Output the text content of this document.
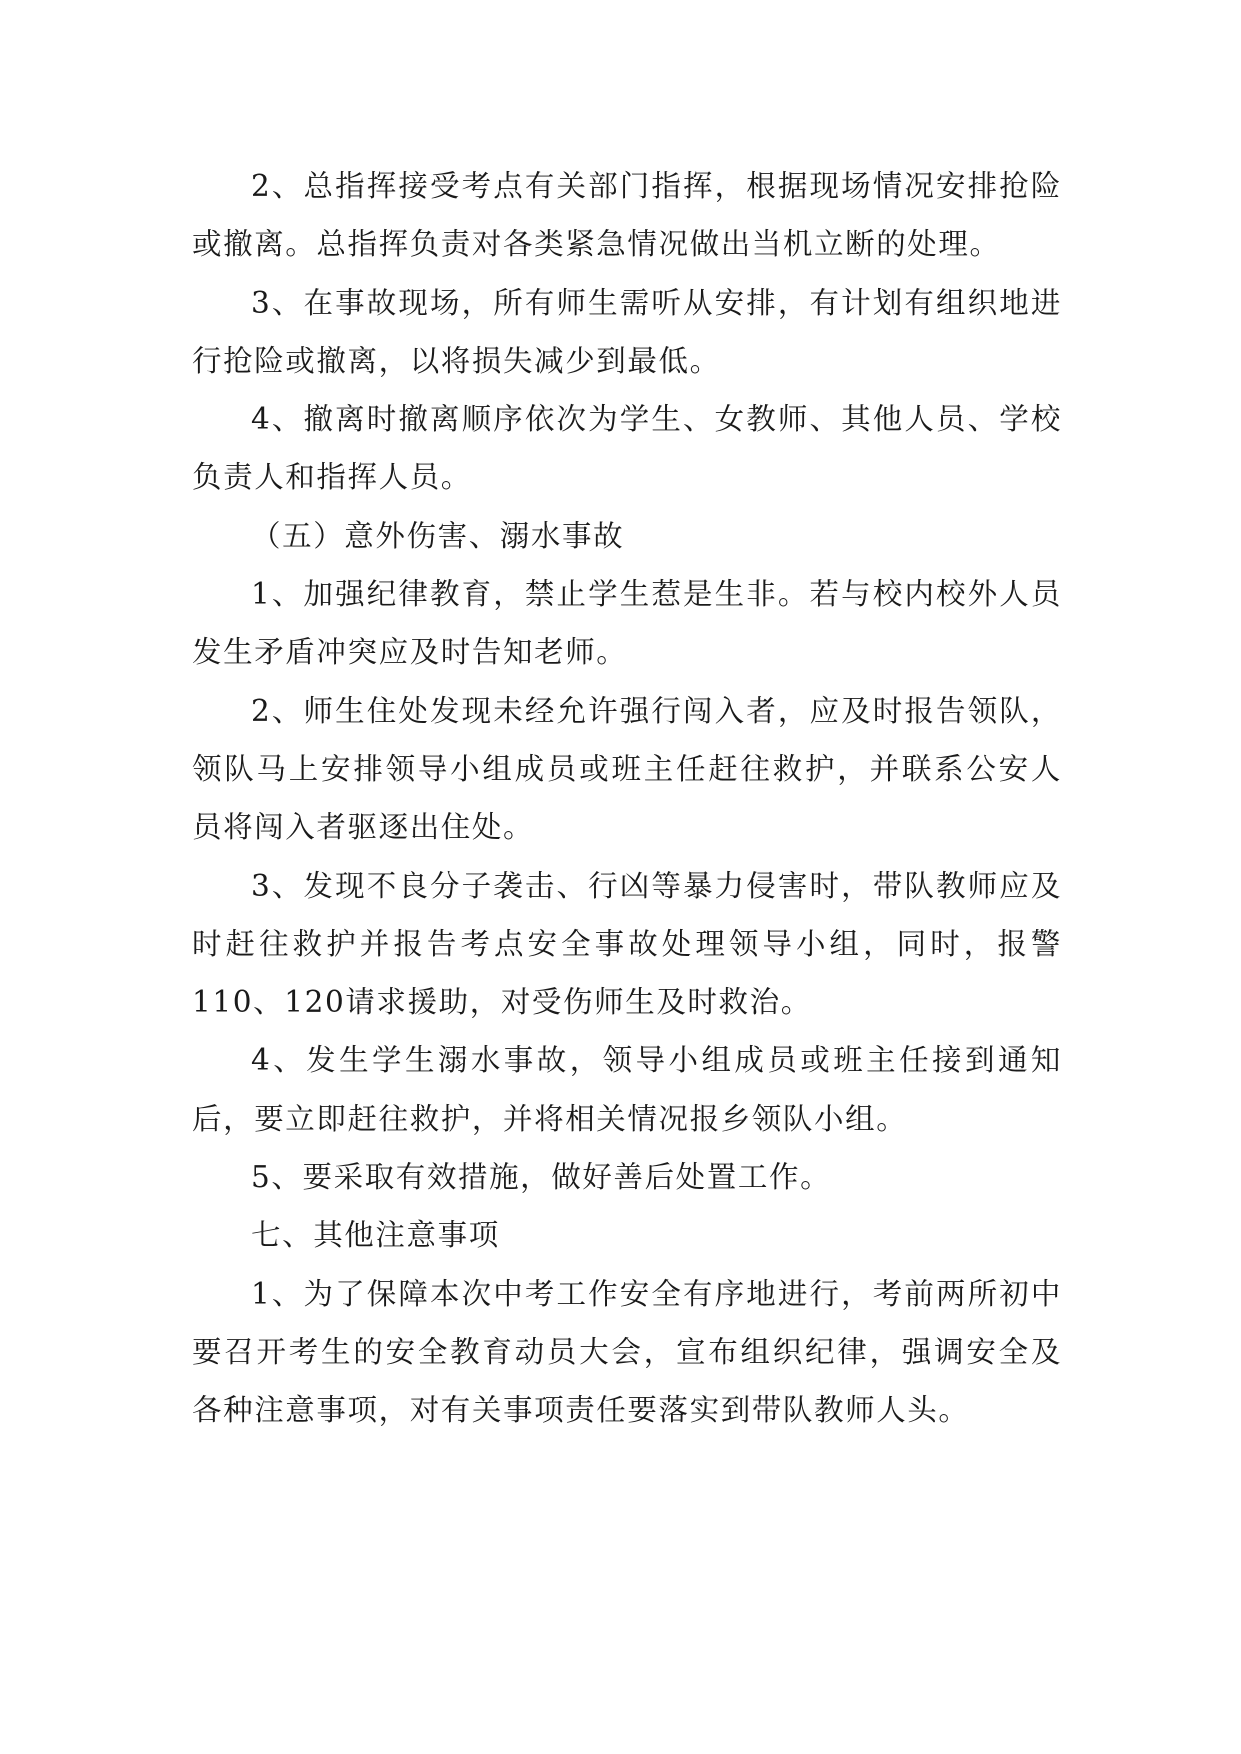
2、总指挥接受考点有关部门指挥，根据现场情况安排抢险或撤离。总指挥负责对各类紧急情况做出当机立断的处理。

3、在事故现场，所有师生需听从安排，有计划有组织地进行抢险或撤离，以将损失减少到最低。

4、撤离时撤离顺序依次为学生、女教师、其他人员、学校负责人和指挥人员。

（五）意外伤害、溺水事故

1、加强纪律教育，禁止学生惹是生非。若与校内校外人员发生矛盾冲突应及时告知老师。

2、师生住处发现未经允许强行闯入者，应及时报告领队，领队马上安排领导小组成员或班主任赶往救护，并联系公安人员将闯入者驱逐出住处。

3、发现不良分子袭击、行凶等暴力侵害时，带队教师应及时赶往救护并报告考点安全事故处理领导小组，同时，报警110、120请求援助，对受伤师生及时救治。

4、发生学生溺水事故，领导小组成员或班主任接到通知后，要立即赶往救护，并将相关情况报乡领队小组。

5、要采取有效措施，做好善后处置工作。

七、其他注意事项

1、为了保障本次中考工作安全有序地进行，考前两所初中要召开考生的安全教育动员大会，宣布组织纪律，强调安全及各种注意事项，对有关事项责任要落实到带队教师人头。
